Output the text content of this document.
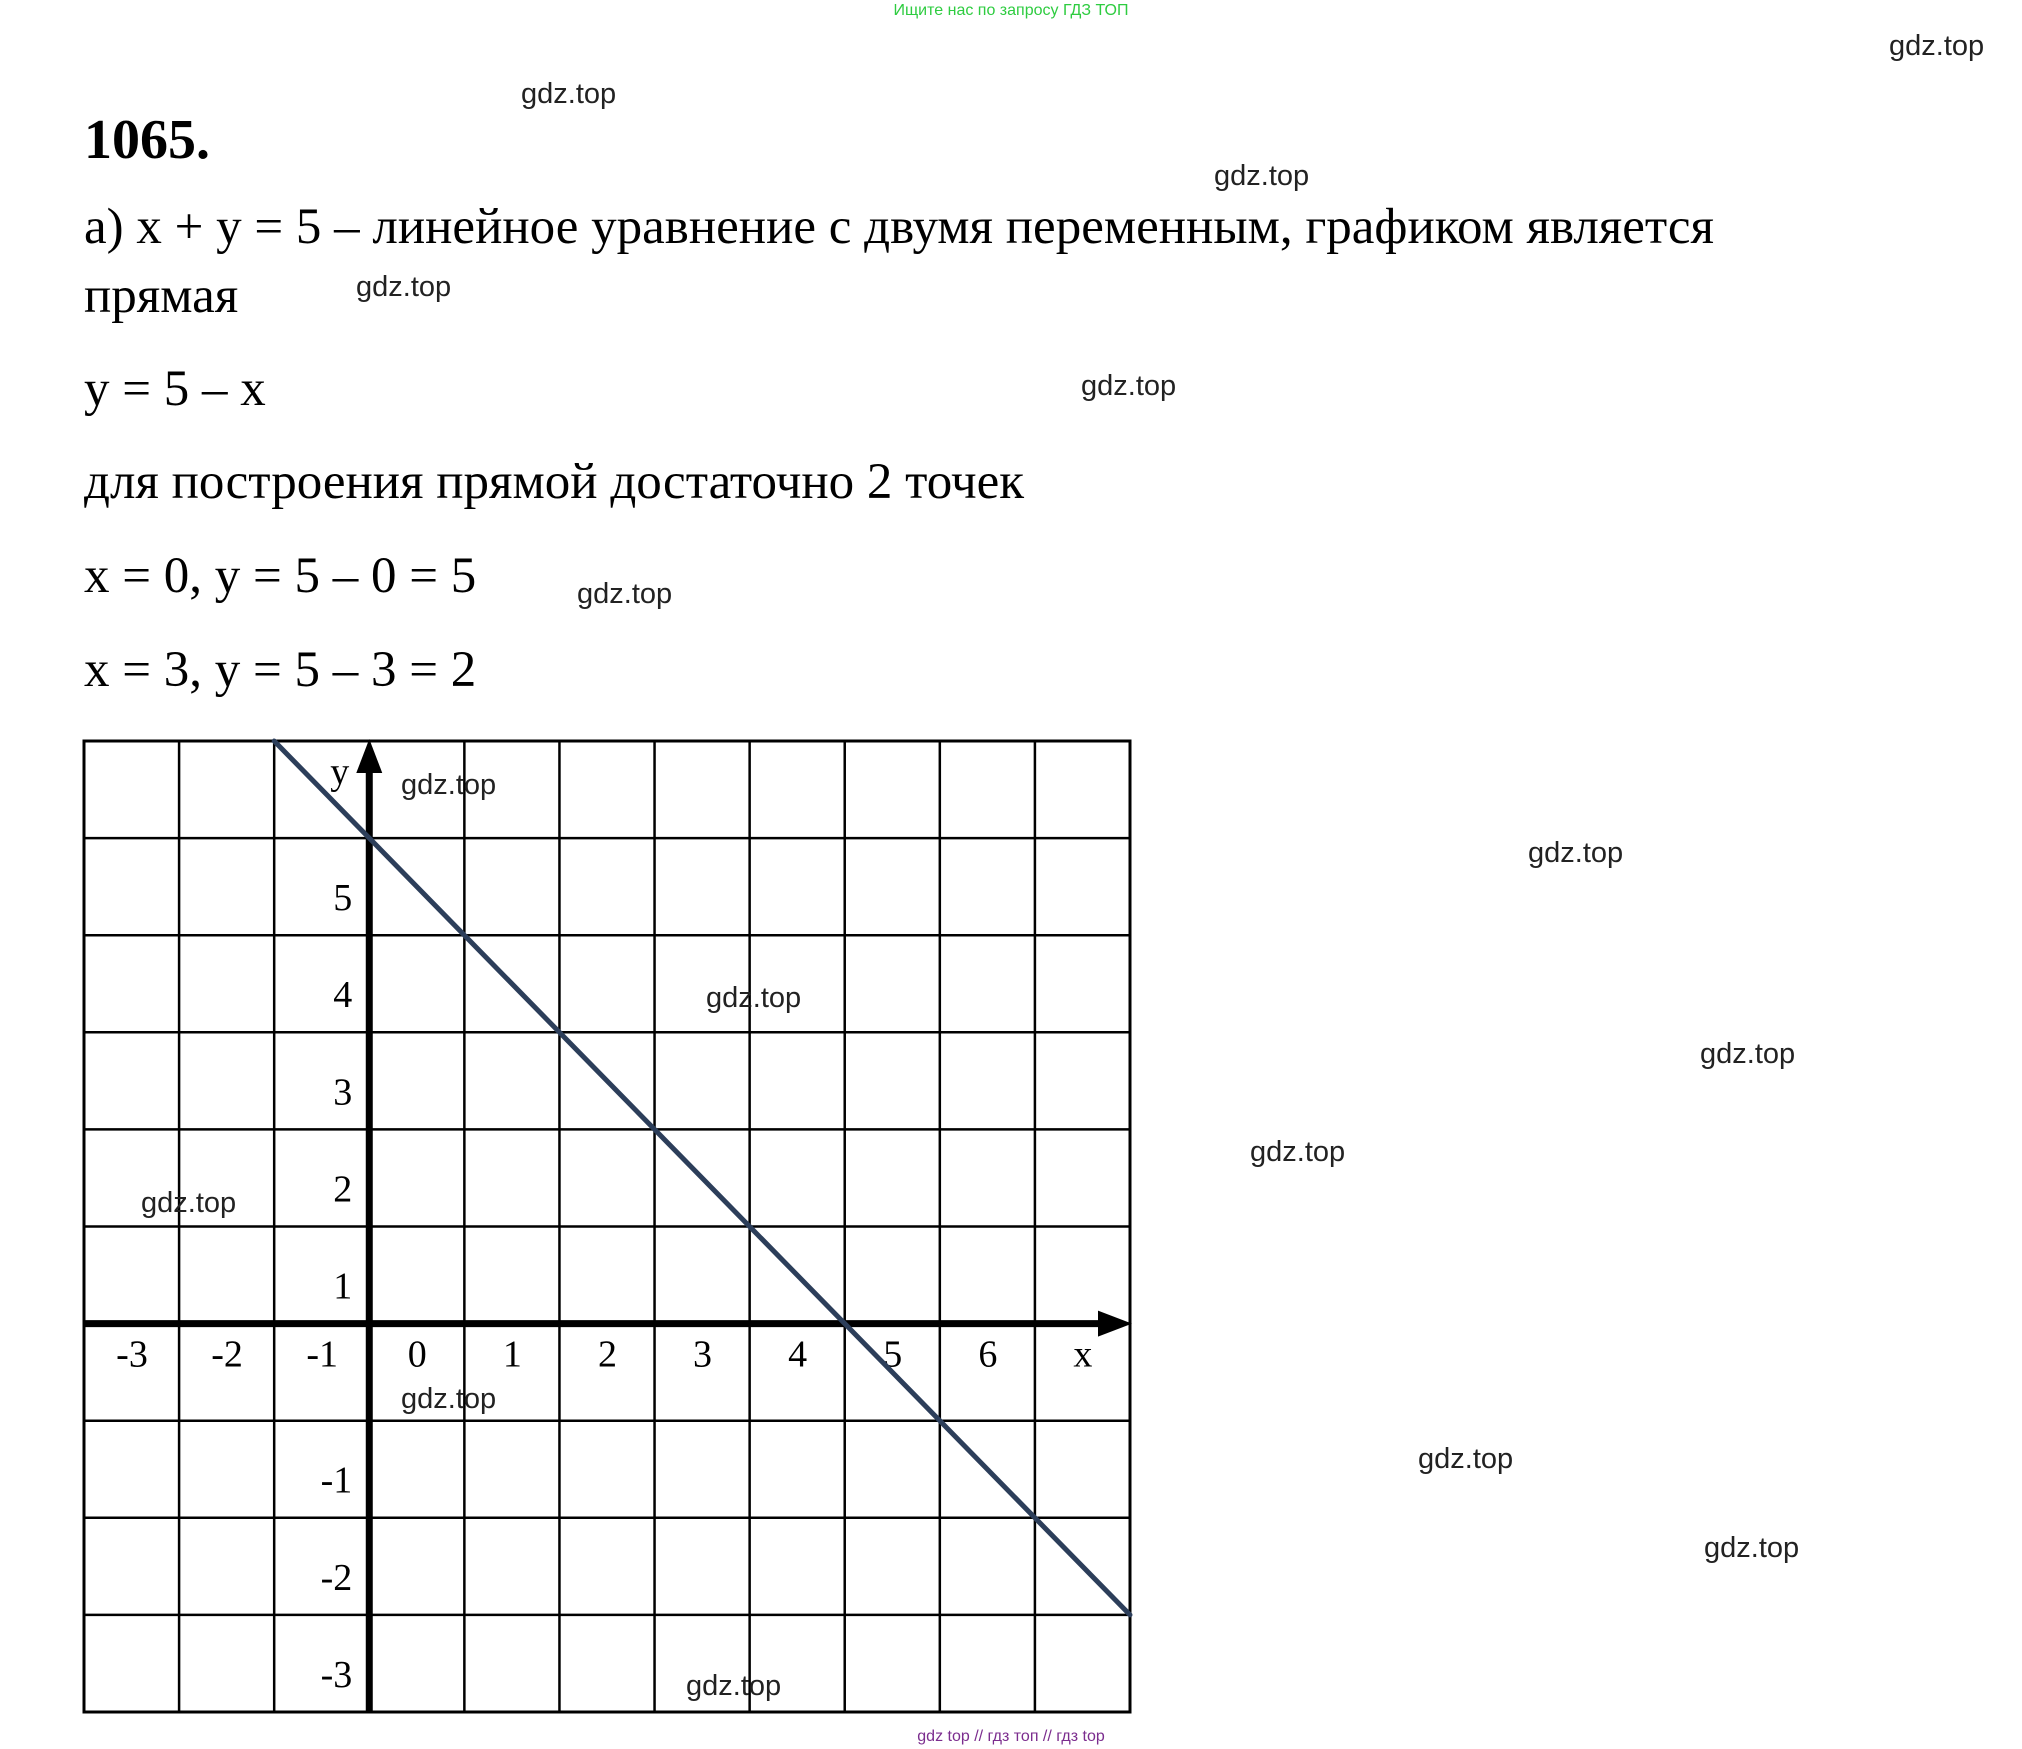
Ищите нас по запросу ГДЗ ТОП
1065.
а) x + y = 5 – линейное уравнение с двумя переменным, графиком является
прямая
y = 5 – x
для построения прямой достаточно 2 точек
x = 0, y = 5 – 0 = 5
x = 3, y = 5 – 3 = 2
-3 -2 -1 0 1 2 3 4 5 6
5
4
3
2
1
-1
-2
-3
x
y
gdz.top
gdz.top
gdz.top
gdz.top
gdz.top
gdz.top
gdz.top
gdz.top
gdz.top
gdz.top
gdz.top
gdz.top
gdz.top
gdz.top
gdz.top
gdz.top
gdz top // гдз топ // гдз top
